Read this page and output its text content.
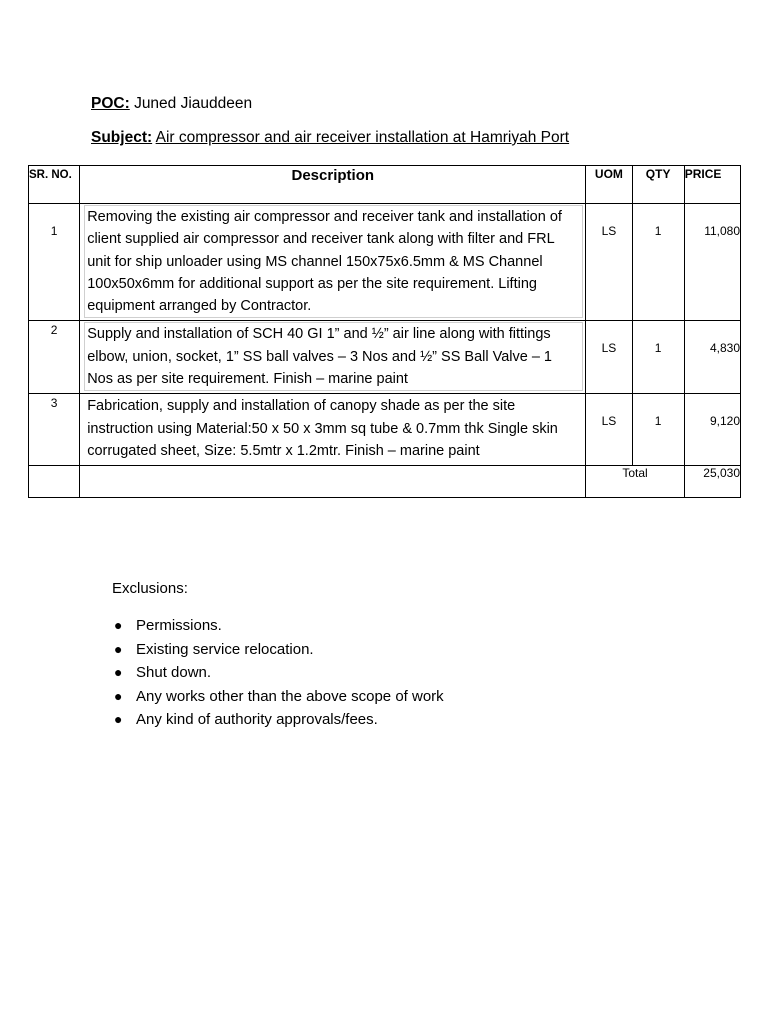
POC: Juned Jiauddeen
Subject: Air compressor and air receiver installation at Hamriyah Port
SR. NO.	Description	UOM	QTY	PRICE
1	Removing the existing air compressor and receiver tank and installation of client supplied air compressor and receiver tank along with filter and FRL unit for ship unloader using MS channel 150x75x6.5mm & MS Channel 100x50x6mm for additional support as per the site requirement. Lifting equipment arranged by Contractor.	LS	1	11,080
2	Supply and installation of SCH 40 GI 1” and ½” air line along with fittings elbow, union, socket, 1” SS ball valves – 3 Nos and ½” SS Ball Valve – 1 Nos as per site requirement. Finish – marine paint	LS	1	4,830
3	Fabrication, supply and installation of canopy shade as per the site instruction using Material:50 x 50 x 3mm sq tube & 0.7mm thk Single skin corrugated sheet, Size: 5.5mtr x 1.2mtr. Finish – marine paint	LS	1	9,120
		Total		25,030
Exclusions:
● Permissions.
● Existing service relocation.
● Shut down.
● Any works other than the above scope of work
● Any kind of authority approvals/fees.
